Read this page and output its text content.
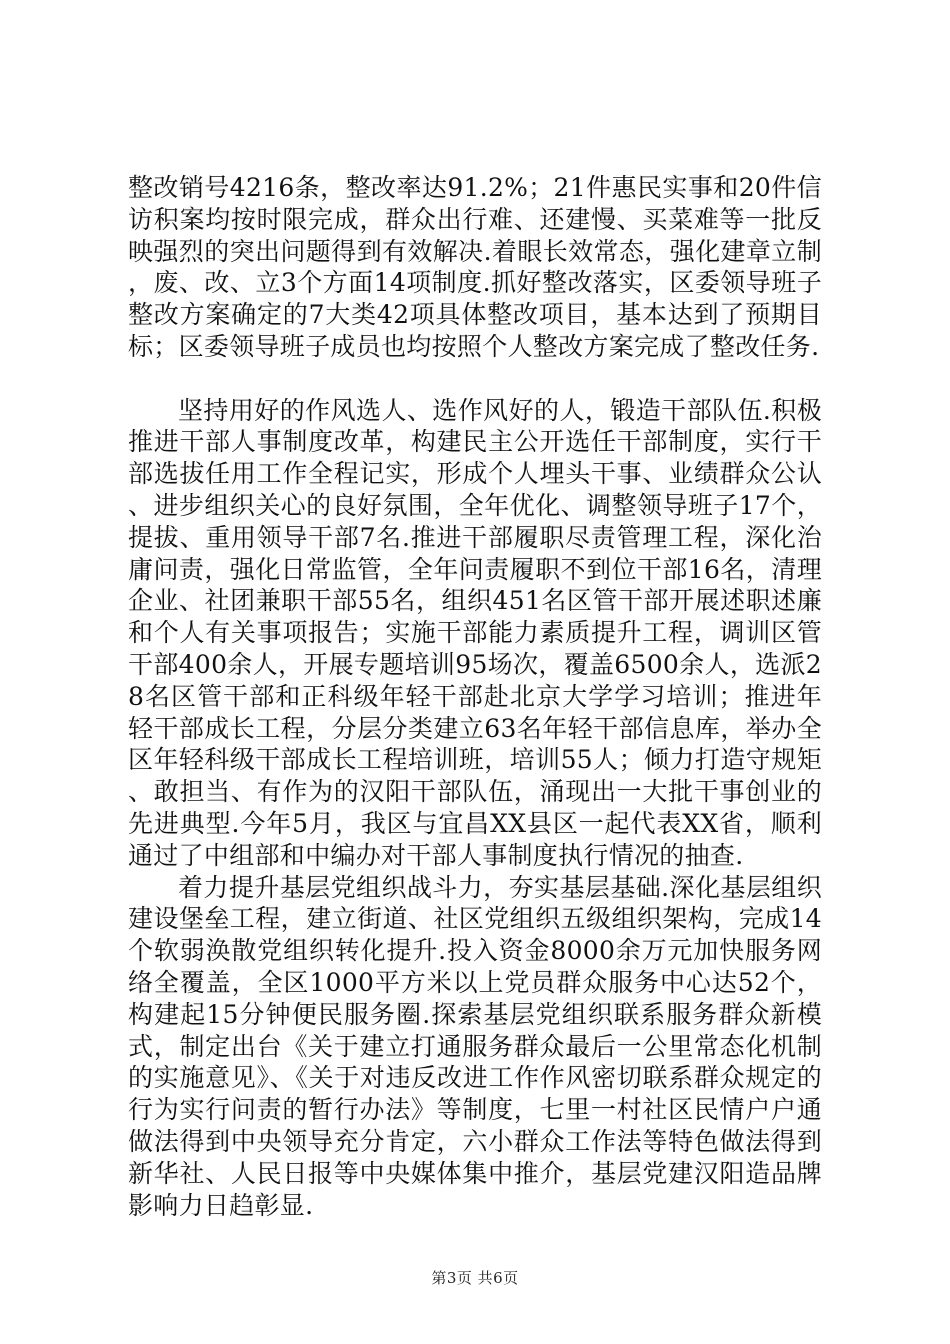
整改销号4216条，整改率达91.2%；21件惠民实事和20件信访积案均按时限完成，群众出行难、还建慢、买菜难等一批反映强烈的突出问题得到有效解决.着眼长效常态，强化建章立制，废、改、立3个方面14项制度.抓好整改落实，区委领导班子整改方案确定的7大类42项具体整改项目，基本达到了预期目标；区委领导班子成员也均按照个人整改方案完成了整改任务.

坚持用好的作风选人、选作风好的人，锻造干部队伍.积极推进干部人事制度改革，构建民主公开选任干部制度，实行干部选拔任用工作全程记实，形成个人埋头干事、业绩群众公认、进步组织关心的良好氛围，全年优化、调整领导班子17个，提拔、重用领导干部7名.推进干部履职尽责管理工程，深化治庸问责，强化日常监管，全年问责履职不到位干部16名，清理企业、社团兼职干部55名，组织451名区管干部开展述职述廉和个人有关事项报告；实施干部能力素质提升工程，调训区管干部400余人，开展专题培训95场次，覆盖6500余人，选派28名区管干部和正科级年轻干部赴北京大学学习培训；推进年轻干部成长工程，分层分类建立63名年轻干部信息库，举办全区年轻科级干部成长工程培训班，培训55人；倾力打造守规矩、敢担当、有作为的汉阳干部队伍，涌现出一大批干事创业的先进典型.今年5月，我区与宜昌XX县区一起代表XX省，顺利通过了中组部和中编办对干部人事制度执行情况的抽查.

着力提升基层党组织战斗力，夯实基层基础.深化基层组织建设堡垒工程，建立街道、社区党组织五级组织架构，完成14个软弱涣散党组织转化提升.投入资金8000余万元加快服务网络全覆盖，全区1000平方米以上党员群众服务中心达52个，构建起15分钟便民服务圈.探索基层党组织联系服务群众新模式，制定出台《关于建立打通服务群众最后一公里常态化机制的实施意见》、《关于对违反改进工作作风密切联系群众规定的行为实行问责的暂行办法》等制度，七里一村社区民情户户通做法得到中央领导充分肯定，六小群众工作法等特色做法得到新华社、人民日报等中央媒体集中推介，基层党建汉阳造品牌影响力日趋彰显.

第3页 共6页
